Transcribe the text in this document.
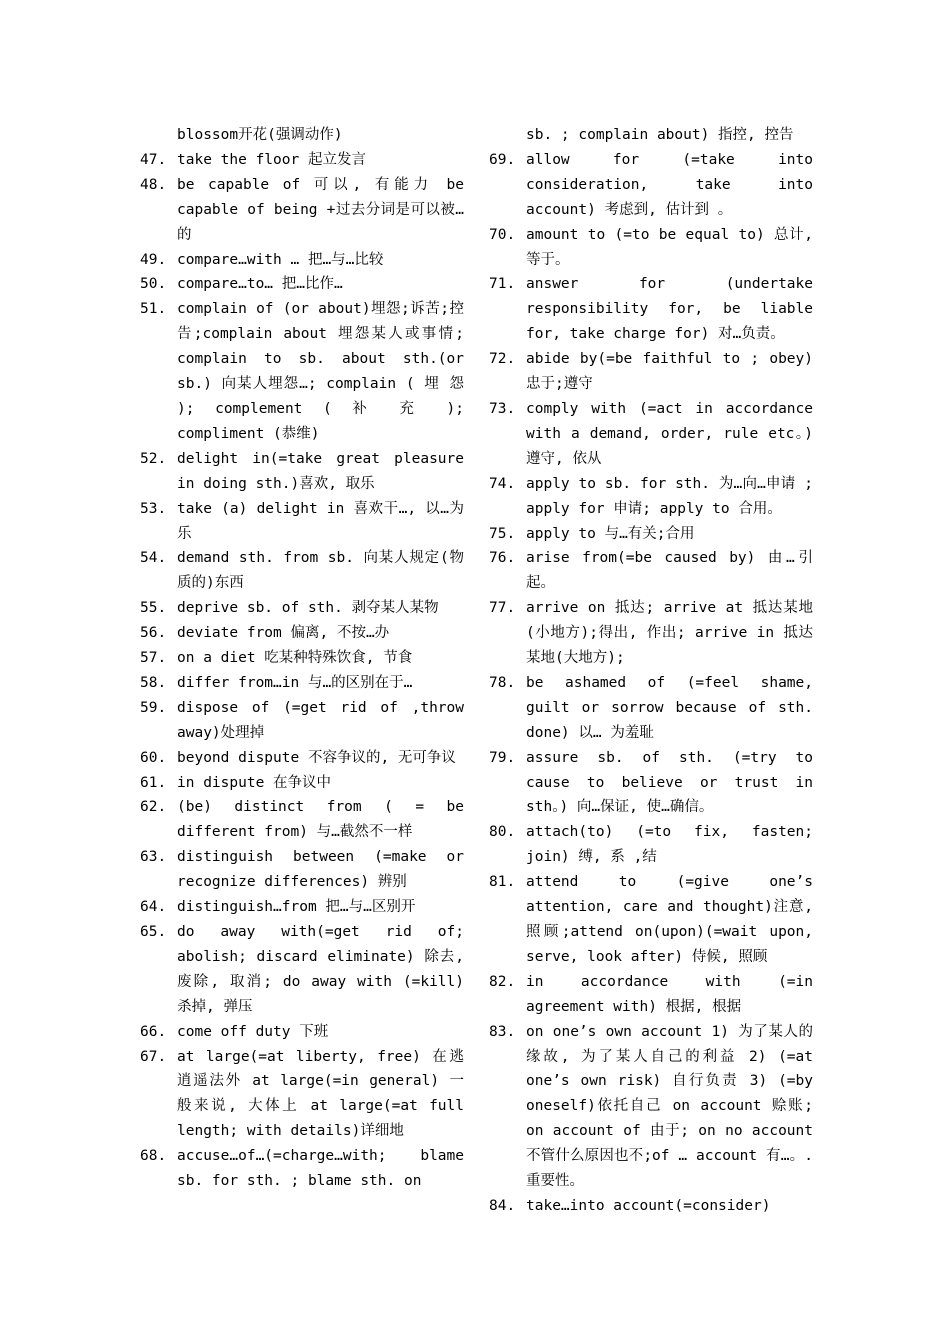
blossom开花(强调动作)
47. take the floor 起立发言
48. be capable of 可以, 有能力 be capable of being +过去分词是可以被…的
49. compare…with … 把…与…比较
50. compare…to… 把…比作…
51. complain of (or about)埋怨;诉苦;控告;complain about 埋怨某人或事情; complain to sb. about sth.(or sb.) 向某人埋怨…; complain ( 埋 怨 ); complement ( 补 充 ); compliment (恭维)
52. delight in(=take great pleasure in doing sth.)喜欢, 取乐
53. take (a) delight in 喜欢干…, 以…为乐
54. demand sth. from sb. 向某人规定(物质的)东西
55. deprive sb. of sth. 剥夺某人某物
56. deviate from 偏离, 不按…办
57. on a diet 吃某种特殊饮食, 节食
58. differ from…in 与…的区别在于…
59. dispose of (=get rid of ,throw away)处理掉
60. beyond dispute 不容争议的, 无可争议
61. in dispute 在争议中
62. (be) distinct from ( = be different from) 与…截然不一样
63. distinguish between (=make or recognize differences) 辨别
64. distinguish…from 把…与…区别开
65. do away with(=get rid of; abolish; discard eliminate) 除去, 废除, 取消; do away with (=kill) 杀掉, 弹压
66. come off duty 下班
67. at large(=at liberty, free) 在逃 逍遥法外 at large(=in general) 一般来说, 大体上 at large(=at full length; with details)详细地
68. accuse…of…(=charge…with; blame sb. for sth. ; blame sth. on
sb. ; complain about) 指控, 控告
69. allow for (=take into consideration, take into account) 考虑到, 估计到 。
70. amount to (=to be equal to) 总计, 等于。
71. answer for (undertake responsibility for, be liable for, take charge for) 对…负责。
72. abide by(=be faithful to ; obey) 忠于;遵守
73. comply with (=act in accordance with a demand, order, rule etc。) 遵守, 依从
74. apply to sb. for sth. 为…向…申请 ; apply for 申请; apply to 合用。
75. apply to 与…有关;合用
76. arise from(=be caused by) 由…引起。
77. arrive on 抵达; arrive at 抵达某地(小地方);得出, 作出; arrive in 抵达某地(大地方);
78. be ashamed of (=feel shame, guilt or sorrow because of sth. done) 以… 为羞耻
79. assure sb. of sth. (=try to cause to believe or trust in sth。) 向…保证, 使…确信。
80. attach(to) (=to fix, fasten; join) 缚, 系 ,结
81. attend to (=give one’s attention, care and thought)注意, 照顾;attend on(upon)(=wait upon, serve, look after) 侍候, 照顾
82. in accordance with (=in agreement with) 根据, 根据
83. on one’s own account 1) 为了某人的缘故, 为了某人自己的利益 2) (=at one’s own risk) 自行负责 3) (=by oneself)依托自己 on account 赊账; on account of 由于; on no account 不管什么原因也不;of … account 有…。.重要性。
84. take…into account(=consider)
